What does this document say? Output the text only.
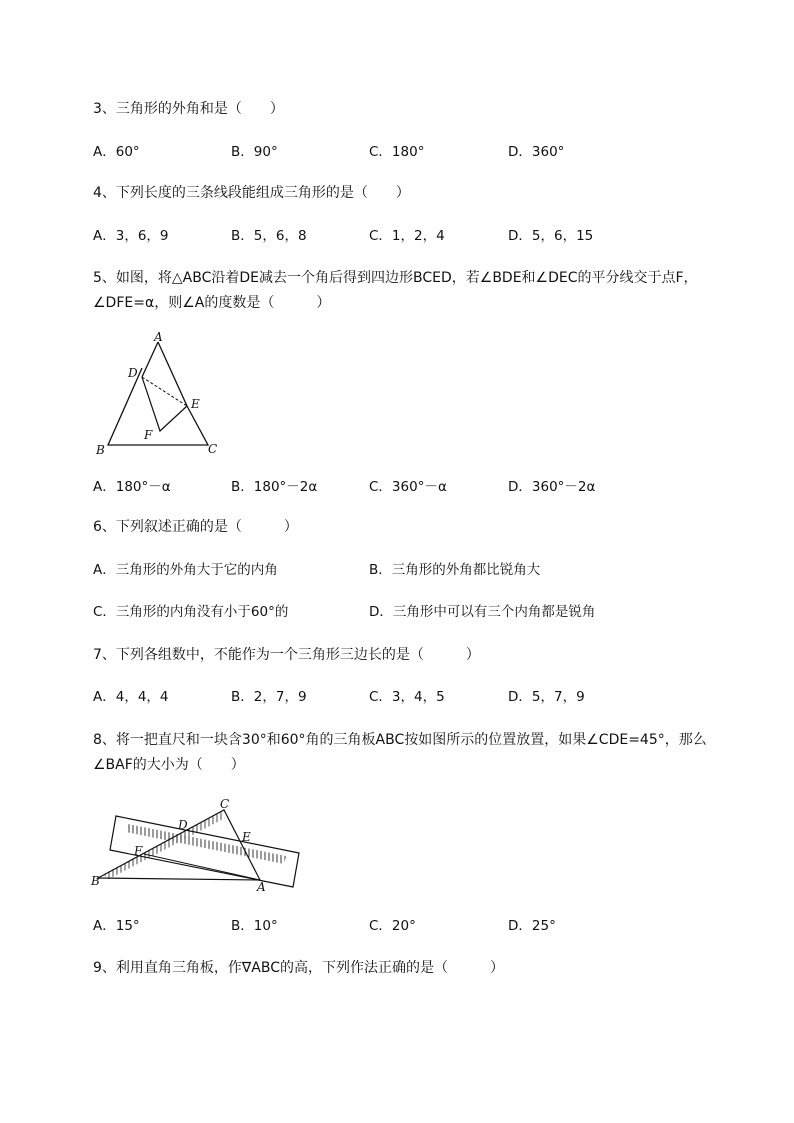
3、三角形的外角和是（　　）
A．60°	B．90°	C．180°	D．360°
4、下列长度的三条线段能组成三角形的是（　　）
A．3，6，9	B．5，6，8	C．1，2，4	D．5，6，15
5、如图，将△ABC沿着DE减去一个角后得到四边形BCED，若∠BDE和∠DEC的平分线交于点F，
∠DFE=α，则∠A的度数是（　　　）
A
B	C
D
E
F
A．180°－α	B．180°－2α	C．360°－α	D．360°－2α
6、下列叙述正确的是（　　　）
A．三角形的外角大于它的内角	B．三角形的外角都比锐角大
C．三角形的内角没有小于60°的	D．三角形中可以有三个内角都是锐角
7、下列各组数中，不能作为一个三角形三边长的是（　　　）
A．4，4，4	B．2，7，9	C．3，4，5	D．5，7，9
8、将一把直尺和一块含30°和60°角的三角板ABC按如图所示的位置放置，如果∠CDE=45°，那么
∠BAF的大小为（　　）
C
D
E
F
B	A
A．15°	B．10°	C．20°	D．25°
9、利用直角三角板，作∇ABC的高，下列作法正确的是（　　　）
